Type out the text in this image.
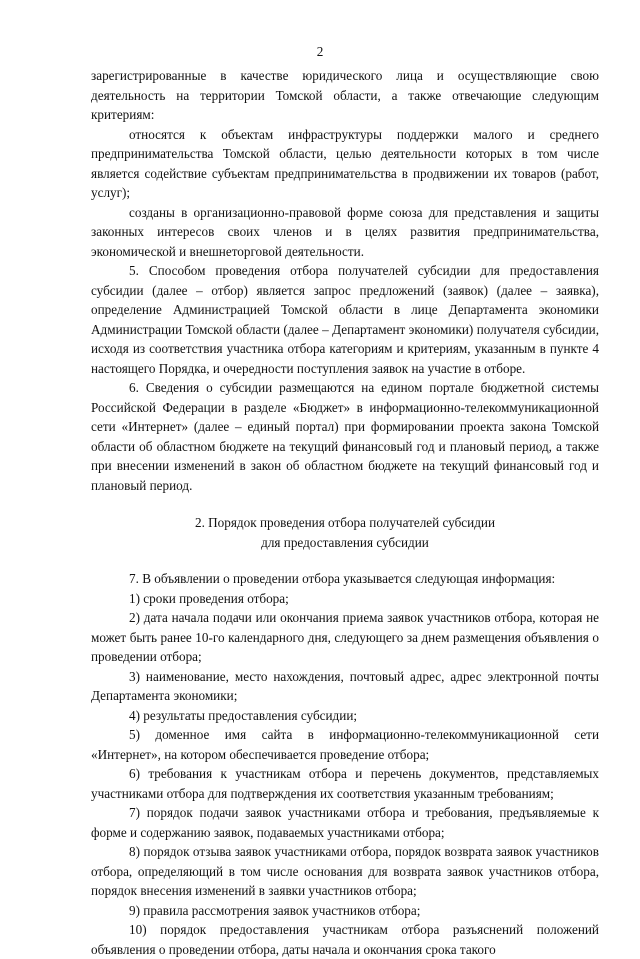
2

зарегистрированные в качестве юридического лица и осуществляющие свою деятельность на территории Томской области, а также отвечающие следующим критериям:

относятся к объектам инфраструктуры поддержки малого и среднего предпринимательства Томской области, целью деятельности которых в том числе является содействие субъектам предпринимательства в продвижении их товаров (работ, услуг);

созданы в организационно-правовой форме союза для представления и защиты законных интересов своих членов и в целях развития предпринимательства, экономической и внешнеторговой деятельности.

5. Способом проведения отбора получателей субсидии для предоставления субсидии (далее – отбор) является запрос предложений (заявок) (далее – заявка), определение Администрацией Томской области в лице Департамента экономики Администрации Томской области (далее – Департамент экономики) получателя субсидии, исходя из соответствия участника отбора категориям и критериям, указанным в пункте 4 настоящего Порядка, и очередности поступления заявок на участие в отборе.

6. Сведения о субсидии размещаются на едином портале бюджетной системы Российской Федерации в разделе «Бюджет» в информационно-телекоммуникационной сети «Интернет» (далее – единый портал) при формировании проекта закона Томской области об областном бюджете на текущий финансовый год и плановый период, а также при внесении изменений в закон об областном бюджете на текущий финансовый год и плановый период.

2. Порядок проведения отбора получателей субсидии
для предоставления субсидии

7. В объявлении о проведении отбора указывается следующая информация:

1) сроки проведения отбора;

2) дата начала подачи или окончания приема заявок участников отбора, которая не может быть ранее 10-го календарного дня, следующего за днем размещения объявления о проведении отбора;

3) наименование, место нахождения, почтовый адрес, адрес электронной почты Департамента экономики;

4) результаты предоставления субсидии;

5) доменное имя сайта в информационно-телекоммуникационной сети «Интернет», на котором обеспечивается проведение отбора;

6) требования к участникам отбора и перечень документов, представляемых участниками отбора для подтверждения их соответствия указанным требованиям;

7) порядок подачи заявок участниками отбора и требования, предъявляемые к форме и содержанию заявок, подаваемых участниками отбора;

8) порядок отзыва заявок участниками отбора, порядок возврата заявок участников отбора, определяющий в том числе основания для возврата заявок участников отбора, порядок внесения изменений в заявки участников отбора;

9) правила рассмотрения заявок участников отбора;

10) порядок предоставления участникам отбора разъяснений положений объявления о проведении отбора, даты начала и окончания срока такого
